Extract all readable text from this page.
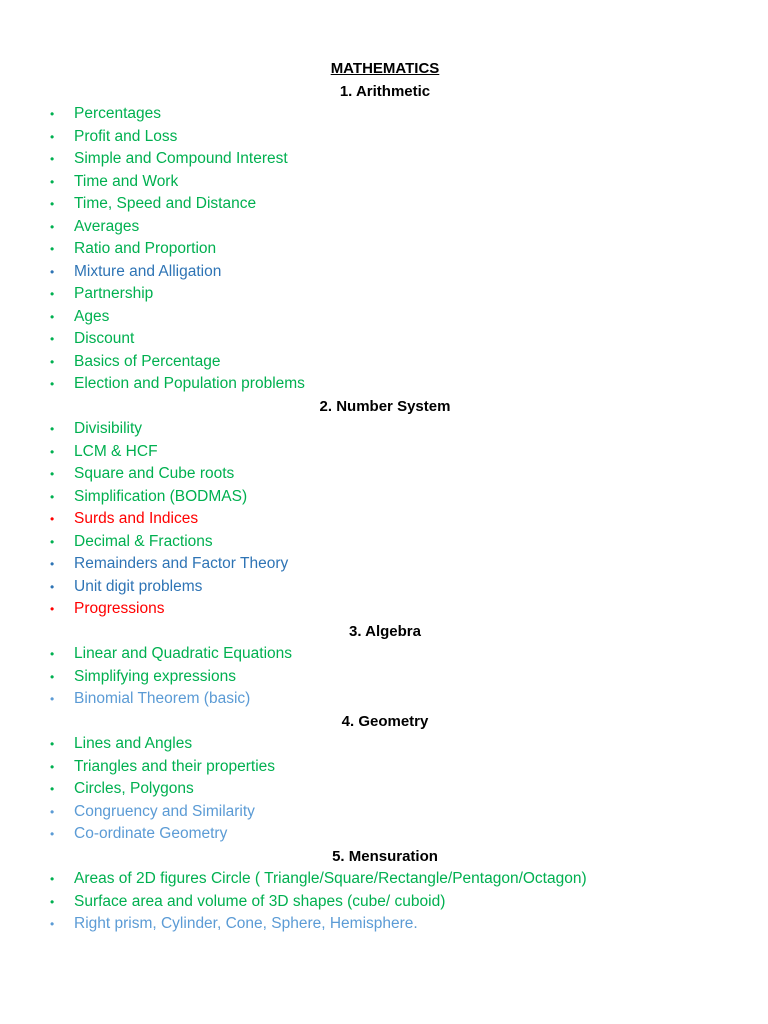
MATHEMATICS
1. Arithmetic
• Percentages
• Profit and Loss
• Simple and Compound Interest
• Time and Work
• Time, Speed and Distance
• Averages
• Ratio and Proportion
• Mixture and Alligation
• Partnership
• Ages
• Discount
• Basics of Percentage
• Election and Population problems
2. Number System
• Divisibility
• LCM & HCF
• Square and Cube roots
• Simplification (BODMAS)
• Surds and Indices
• Decimal & Fractions
• Remainders and Factor Theory
• Unit digit problems
• Progressions
3. Algebra
• Linear and Quadratic Equations
• Simplifying expressions
• Binomial Theorem (basic)
4. Geometry
• Lines and Angles
• Triangles and their properties
• Circles, Polygons
• Congruency and Similarity
• Co-ordinate Geometry
5. Mensuration
• Areas of 2D figures Circle ( Triangle/Square/Rectangle/Pentagon/Octagon)
• Surface area and volume of 3D shapes (cube/ cuboid)
• Right prism, Cylinder, Cone, Sphere, Hemisphere.
